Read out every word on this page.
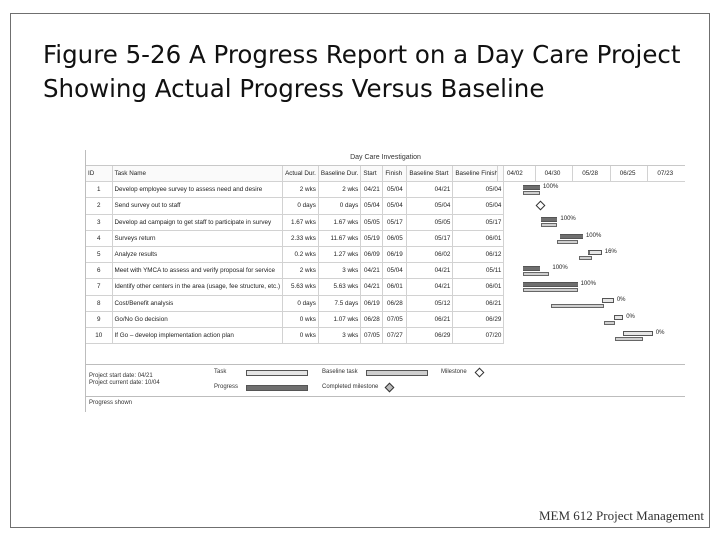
Figure 5-26 A Progress Report on a Day Care Project
Showing Actual Progress Versus Baseline
Day Care Investigation
ID	Task Name	Actual Dur.	Baseline Dur.	Start	Finish	Baseline Start	Baseline Finish
1	Develop employee survey to assess need and desire	2 wks	2 wks	04/21	05/04	04/21	05/04
2	Send survey out to staff	0 days	0 days	05/04	05/04	05/04	05/04
3	Develop ad campaign to get staff to participate in survey	1.67 wks	1.67 wks	05/05	05/17	05/05	05/17
4	Surveys return	2.33 wks	11.67 wks	05/19	06/05	05/17	06/01
5	Analyze results	0.2 wks	1.27 wks	06/09	06/19	06/02	06/12
6	Meet with YMCA to assess and verify proposal for service	2 wks	3 wks	04/21	05/04	04/21	05/11
7	Identify other centers in the area (usage, fee structure, etc.)	5.63 wks	5.63 wks	04/21	06/01	04/21	06/01
8	Cost/Benefit analysis	0 days	7.5 days	06/19	06/28	05/12	06/21
9	Go/No Go decision	0 wks	1.07 wks	06/28	07/05	06/21	06/29
10	If Go – develop implementation action plan	0 wks	3 wks	07/05	07/27	06/29	07/20
04/02	04/30	05/28	06/25	07/23
100%
100%
100%
16%
100%
100%
0%
0%
0%
Project start date: 04/21
Project current date: 10/04
Task
Progress
Baseline task
Completed milestone
Milestone
Progress shown
MEM 612 Project Management
